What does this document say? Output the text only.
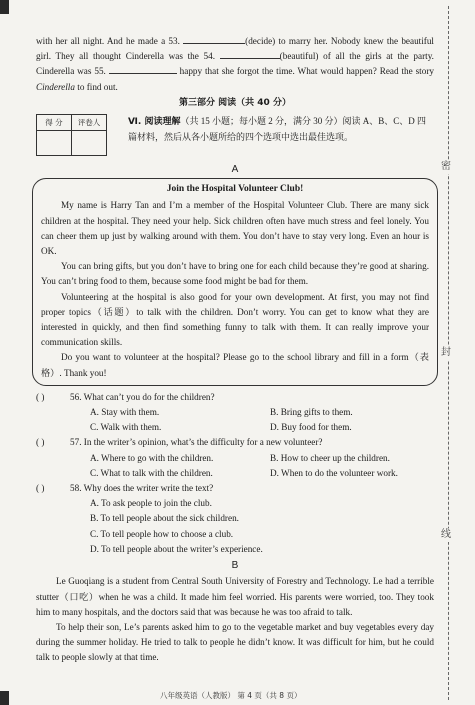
密
封
线

with her all night. And he made a 53.	(decide) to marry her. Nobody knew the beautiful girl. They all thought Cinderella was the 54.	(beautiful) of all the girls at the party. Cinderella was 55.	happy that she forgot the time. What would happen? Read the story Cinderella to find out.

第三部分 阅读（共 40 分）
得 分	评卷人
		Ⅵ. 阅读理解（共 15 小题；每小题 2 分，满分 30 分）阅读 A、B、C、D 四篇材料，然后从各小题所给的四个选项中选出最佳选项。
A
Join the Hospital Volunteer Club!

My name is Harry Tan and I’m a member of the Hospital Volunteer Club. There are many sick children at the hospital. They need your help. Sick children often have much stress and feel lonely. You can cheer them up just by walking around with them. You don’t have to stay very long. Even an hour is OK.

You can bring gifts, but you don’t have to bring one for each child because they’re good at sharing. You can’t bring food to them, because some food might be bad for them.

Volunteering at the hospital is also good for your own development. At first, you may not find proper topics（话题）to talk with the children. Don’t worry. You can get to know what they are interested in quickly, and then find something funny to talk with them. It can really improve your communication skills.

Do you want to volunteer at the hospital? Please go to the school library and fill in a form（表格）. Thank you!

( )	56. What can’t you do for the children?
A. Stay with them.	B. Bring gifts to them.
C. Walk with them.	D. Buy food for them.
( )	57. In the writer’s opinion, what’s the difficulty for a new volunteer?
A. Where to go with the children.	B. How to cheer up the children.
C. What to talk with the children.	D. When to do the volunteer work.
( )	58. Why does the writer write the text?
A. To ask people to join the club.
B. To tell people about the sick children.
C. To tell people how to choose a club.
D. To tell people about the writer’s experience.
B

Le Guoqiang is a student from Central South University of Forestry and Technology. Le had a terrible stutter（口吃）when he was a child. It made him feel worried. His parents were worried, too. They took him to many hospitals, and the doctors said that was because he was too afraid to talk.

To help their son, Le’s parents asked him to go to the vegetable market and buy vegetables every day during the summer holiday. He tried to talk to people he didn’t know. It was difficult for him, but he could talk to people slowly at that time.

八年级英语（人教版） 第 4 页（共 8 页）
